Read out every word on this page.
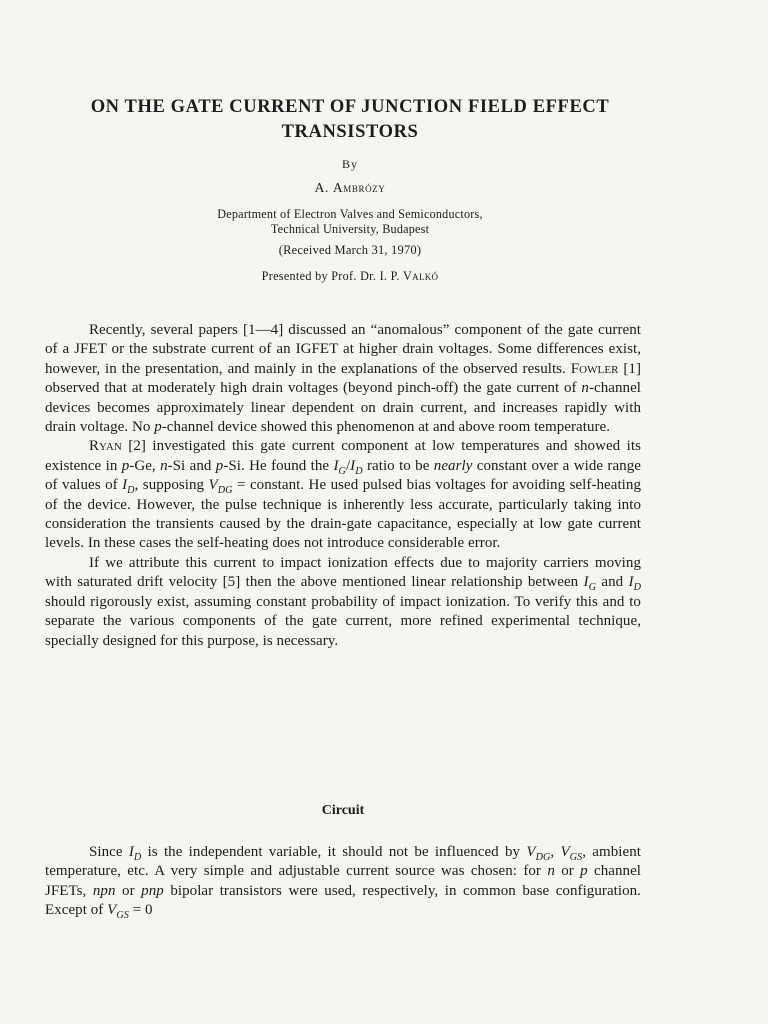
ON THE GATE CURRENT OF JUNCTION FIELD EFFECT
TRANSISTORS

By

A. Ambrózy

Department of Electron Valves and Semiconductors,
Technical University, Budapest

(Received March 31, 1970)

Presented by Prof. Dr. I. P. Valkó

Recently, several papers [1—4] discussed an “anomalous” component of the gate current of a JFET or the substrate current of an IGFET at higher drain voltages. Some differences exist, however, in the presentation, and mainly in the explanations of the observed results. Fowler [1] observed that at moderately high drain voltages (beyond pinch-off) the gate current of n-channel devices becomes approximately linear dependent on drain current, and increases rapidly with drain voltage. No p-channel device showed this phenomenon at and above room temperature.

Ryan [2] investigated this gate current component at low temperatures and showed its existence in p-Ge, n-Si and p-Si. He found the $I_G/I_D$ ratio to be nearly constant over a wide range of values of $I_D$, supposing $V_{DG}$ = constant. He used pulsed bias voltages for avoiding self-heating of the device. However, the pulse technique is inherently less accurate, particularly taking into consideration the transients caused by the drain-gate capacitance, especially at low gate current levels. In these cases the self-heating does not introduce considerable error.

If we attribute this current to impact ionization effects due to majority carriers moving with saturated drift velocity [5] then the above mentioned linear relationship between $I_G$ and $I_D$ should rigorously exist, assuming constant probability of impact ionization. To verify this and to separate the various components of the gate current, more refined experimental technique, specially designed for this purpose, is necessary.

Circuit

Since $I_D$ is the independent variable, it should not be influenced by $V_{DG}$, $V_{GS}$, ambient temperature, etc. A very simple and adjustable current source was chosen: for n or p channel JFETs, npn or pnp bipolar transistors were used, respectively, in common base configuration. Except of $V_{GS} = 0$
